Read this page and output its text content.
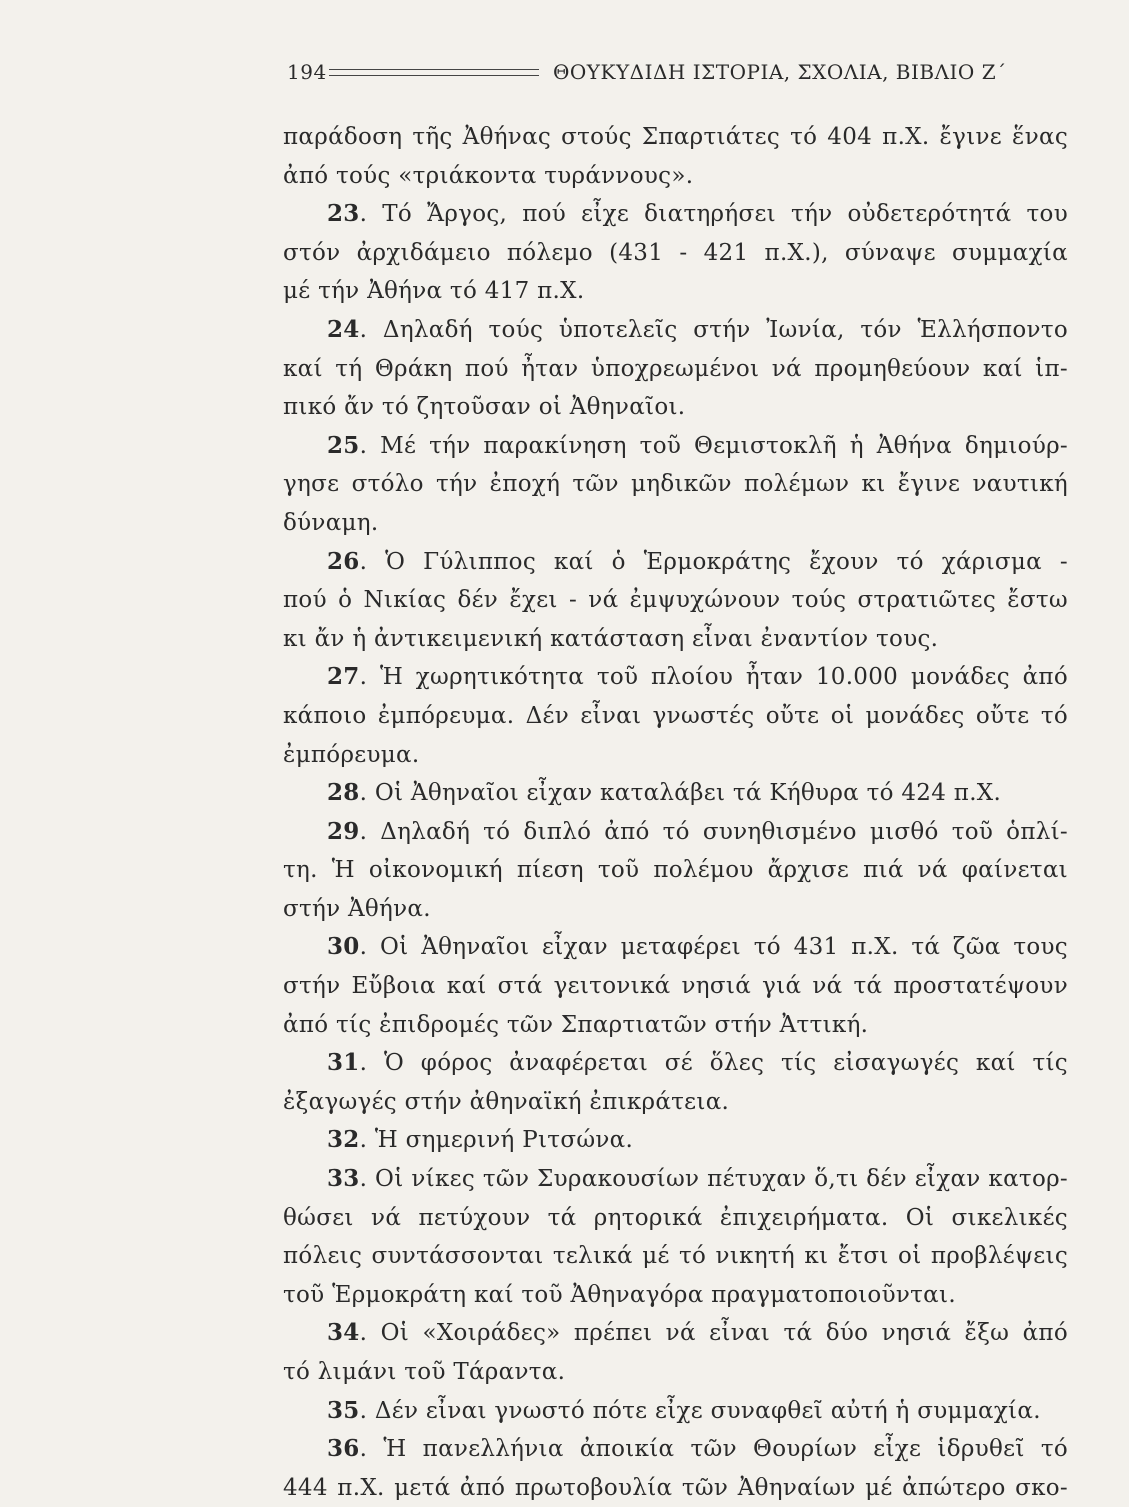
194	ΘΟΥΚΥΔΙΔΗ ΙΣΤΟΡΙΑ, ΣΧΟΛΙΑ, ΒΙΒΛΙΟ Ζ΄
παράδοση τῆς Ἀθήνας στούς Σπαρτιάτες τό 404 π.Χ. ἔγινε ἕνας
ἀπό τούς «τριάκοντα τυράννους».
23. Τό Ἄργος, πού εἶχε διατηρήσει τήν οὐδετερότητά του
στόν ἀρχιδάμειο πόλεμο (431 - 421 π.Χ.), σύναψε συμμαχία
μέ τήν Ἀθήνα τό 417 π.Χ.
24. Δηλαδή τούς ὑποτελεῖς στήν Ἰωνία, τόν Ἑλλήσποντο
καί τή Θράκη πού ἦταν ὑποχρεωμένοι νά προμηθεύουν καί ἱπ-
πικό ἄν τό ζητοῦσαν οἱ Ἀθηναῖοι.
25. Μέ τήν παρακίνηση τοῦ Θεμιστοκλῆ ἡ Ἀθήνα δημιούρ-
γησε στόλο τήν ἐποχή τῶν μηδικῶν πολέμων κι ἔγινε ναυτική
δύναμη.
26. Ὁ Γύλιππος καί ὁ Ἑρμοκράτης ἔχουν τό χάρισμα -
πού ὁ Νικίας δέν ἔχει - νά ἐμψυχώνουν τούς στρατιῶτες ἔστω
κι ἄν ἡ ἀντικειμενική κατάσταση εἶναι ἐναντίον τους.
27. Ἡ χωρητικότητα τοῦ πλοίου ἦταν 10.000 μονάδες ἀπό
κάποιο ἐμπόρευμα. Δέν εἶναι γνωστές οὔτε οἱ μονάδες οὔτε τό
ἐμπόρευμα.
28. Οἱ Ἀθηναῖοι εἶχαν καταλάβει τά Κήθυρα τό 424 π.Χ.
29. Δηλαδή τό διπλό ἀπό τό συνηθισμένο μισθό τοῦ ὁπλί-
τη. Ἡ οἰκονομική πίεση τοῦ πολέμου ἄρχισε πιά νά φαίνεται
στήν Ἀθήνα.
30. Οἱ Ἀθηναῖοι εἶχαν μεταφέρει τό 431 π.Χ. τά ζῶα τους
στήν Εὔβοια καί στά γειτονικά νησιά γιά νά τά προστατέψουν
ἀπό τίς ἐπιδρομές τῶν Σπαρτιατῶν στήν Ἀττική.
31. Ὁ φόρος ἀναφέρεται σέ ὅλες τίς εἰσαγωγές καί τίς
ἐξαγωγές στήν ἀθηναϊκή ἐπικράτεια.
32. Ἡ σημερινή Ριτσώνα.
33. Οἱ νίκες τῶν Συρακουσίων πέτυχαν ὅ,τι δέν εἶχαν κατορ-
θώσει νά πετύχουν τά ρητορικά ἐπιχειρήματα. Οἱ σικελικές
πόλεις συντάσσονται τελικά μέ τό νικητή κι ἔτσι οἱ προβλέψεις
τοῦ Ἑρμοκράτη καί τοῦ Ἀθηναγόρα πραγματοποιοῦνται.
34. Οἱ «Χοιράδες» πρέπει νά εἶναι τά δύο νησιά ἔξω ἀπό
τό λιμάνι τοῦ Τάραντα.
35. Δέν εἶναι γνωστό πότε εἶχε συναφθεῖ αὐτή ἡ συμμαχία.
36. Ἡ πανελλήνια ἀποικία τῶν Θουρίων εἶχε ἱδρυθεῖ τό
444 π.Χ. μετά ἀπό πρωτοβουλία τῶν Ἀθηναίων μέ ἀπώτερο σκο-
